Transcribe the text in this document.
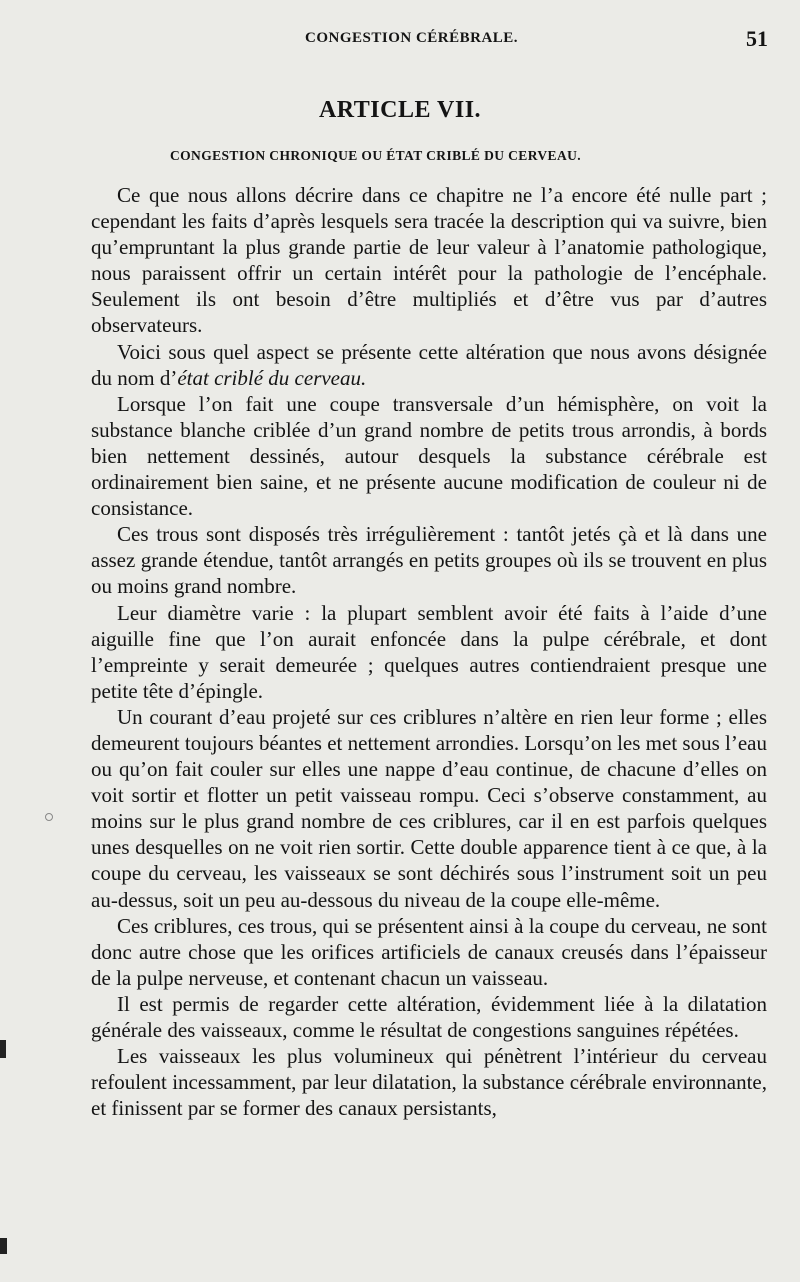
CONGESTION CÉRÉBRALE.	51
ARTICLE VII.
CONGESTION CHRONIQUE OU ÉTAT CRIBLÉ DU CERVEAU.

Ce que nous allons décrire dans ce chapitre ne l’a encore été nulle part ; cependant les faits d’après lesquels sera tracée la description qui va suivre, bien qu’empruntant la plus grande partie de leur valeur à l’anatomie pathologique, nous paraissent offrir un certain intérêt pour la pathologie de l’encéphale. Seulement ils ont besoin d’être multipliés et d’être vus par d’autres observateurs.

Voici sous quel aspect se présente cette altération que nous avons désignée du nom d’état criblé du cerveau.

Lorsque l’on fait une coupe transversale d’un hémisphère, on voit la substance blanche criblée d’un grand nombre de petits trous arrondis, à bords bien nettement dessinés, autour desquels la substance cérébrale est ordinairement bien saine, et ne présente aucune modification de couleur ni de consistance.

Ces trous sont disposés très irrégulièrement : tantôt jetés çà et là dans une assez grande étendue, tantôt arrangés en petits groupes où ils se trouvent en plus ou moins grand nombre.

Leur diamètre varie : la plupart semblent avoir été faits à l’aide d’une aiguille fine que l’on aurait enfoncée dans la pulpe cérébrale, et dont l’empreinte y serait demeurée ; quelques autres contiendraient presque une petite tête d’épingle.

Un courant d’eau projeté sur ces criblures n’altère en rien leur forme ; elles demeurent toujours béantes et nettement arrondies. Lorsqu’on les met sous l’eau ou qu’on fait couler sur elles une nappe d’eau continue, de chacune d’elles on voit sortir et flotter un petit vaisseau rompu. Ceci s’observe constamment, au moins sur le plus grand nombre de ces criblures, car il en est parfois quelques unes desquelles on ne voit rien sortir. Cette double apparence tient à ce que, à la coupe du cerveau, les vaisseaux se sont déchirés sous l’instrument soit un peu au-dessus, soit un peu au-dessous du niveau de la coupe elle-même.

Ces criblures, ces trous, qui se présentent ainsi à la coupe du cerveau, ne sont donc autre chose que les orifices artificiels de canaux creusés dans l’épaisseur de la pulpe nerveuse, et contenant chacun un vaisseau.

Il est permis de regarder cette altération, évidemment liée à la dilatation générale des vaisseaux, comme le résultat de congestions sanguines répétées.

Les vaisseaux les plus volumineux qui pénètrent l’intérieur du cerveau refoulent incessamment, par leur dilatation, la substance cérébrale environnante, et finissent par se former des canaux persistants,
